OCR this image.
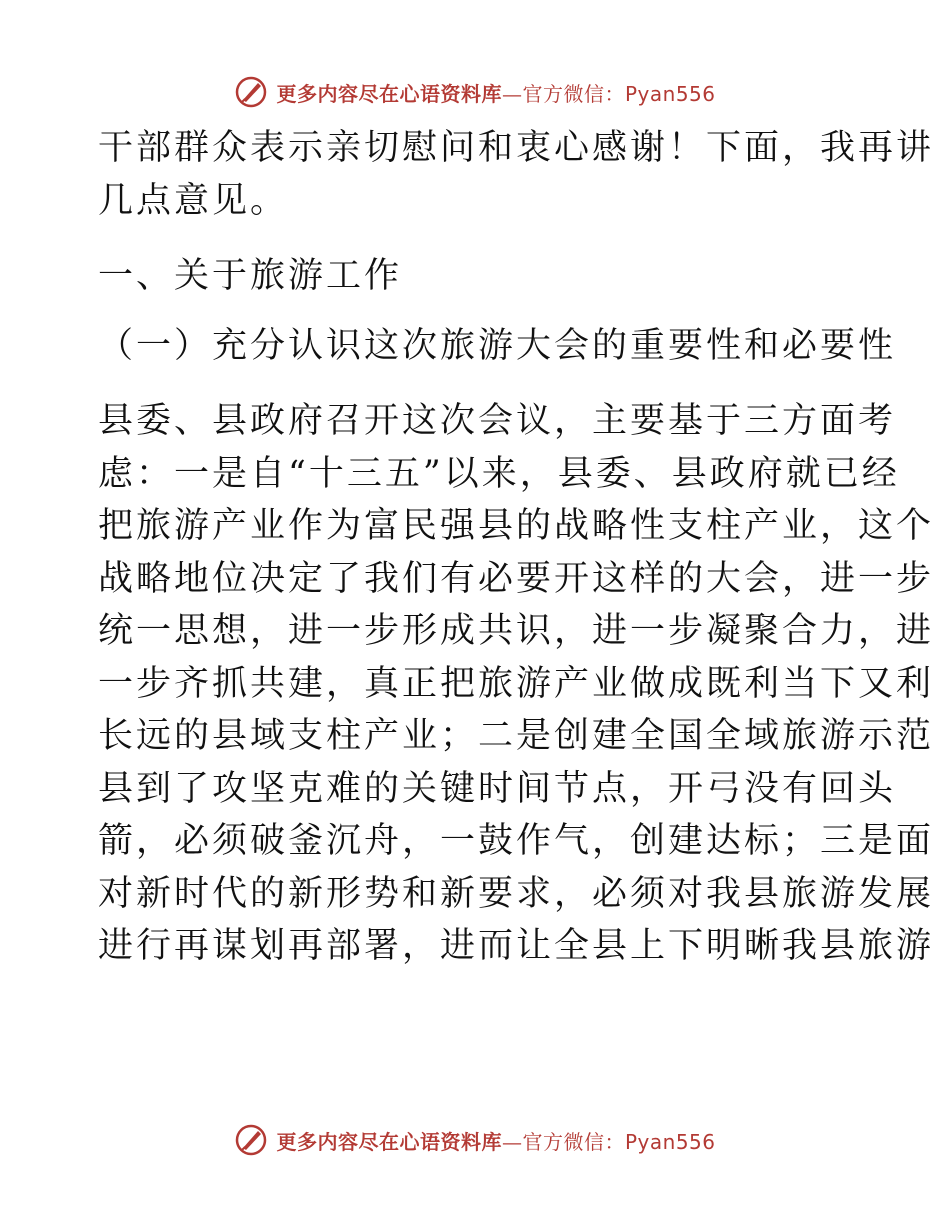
更多内容尽在心语资料库—官方微信：Pyan556
干部群众表示亲切慰问和衷心感谢！下面，我再讲
几点意见。
一、关于旅游工作
（一）充分认识这次旅游大会的重要性和必要性
县委、县政府召开这次会议，主要基于三方面考
虑：一是自“十三五”以来，县委、县政府就已经
把旅游产业作为富民强县的战略性支柱产业，这个
战略地位决定了我们有必要开这样的大会，进一步
统一思想，进一步形成共识，进一步凝聚合力，进
一步齐抓共建，真正把旅游产业做成既利当下又利
长远的县域支柱产业；二是创建全国全域旅游示范
县到了攻坚克难的关键时间节点，开弓没有回头
箭，必须破釜沉舟，一鼓作气，创建达标；三是面
对新时代的新形势和新要求，必须对我县旅游发展
进行再谋划再部署，进而让全县上下明晰我县旅游
更多内容尽在心语资料库—官方微信：Pyan556
